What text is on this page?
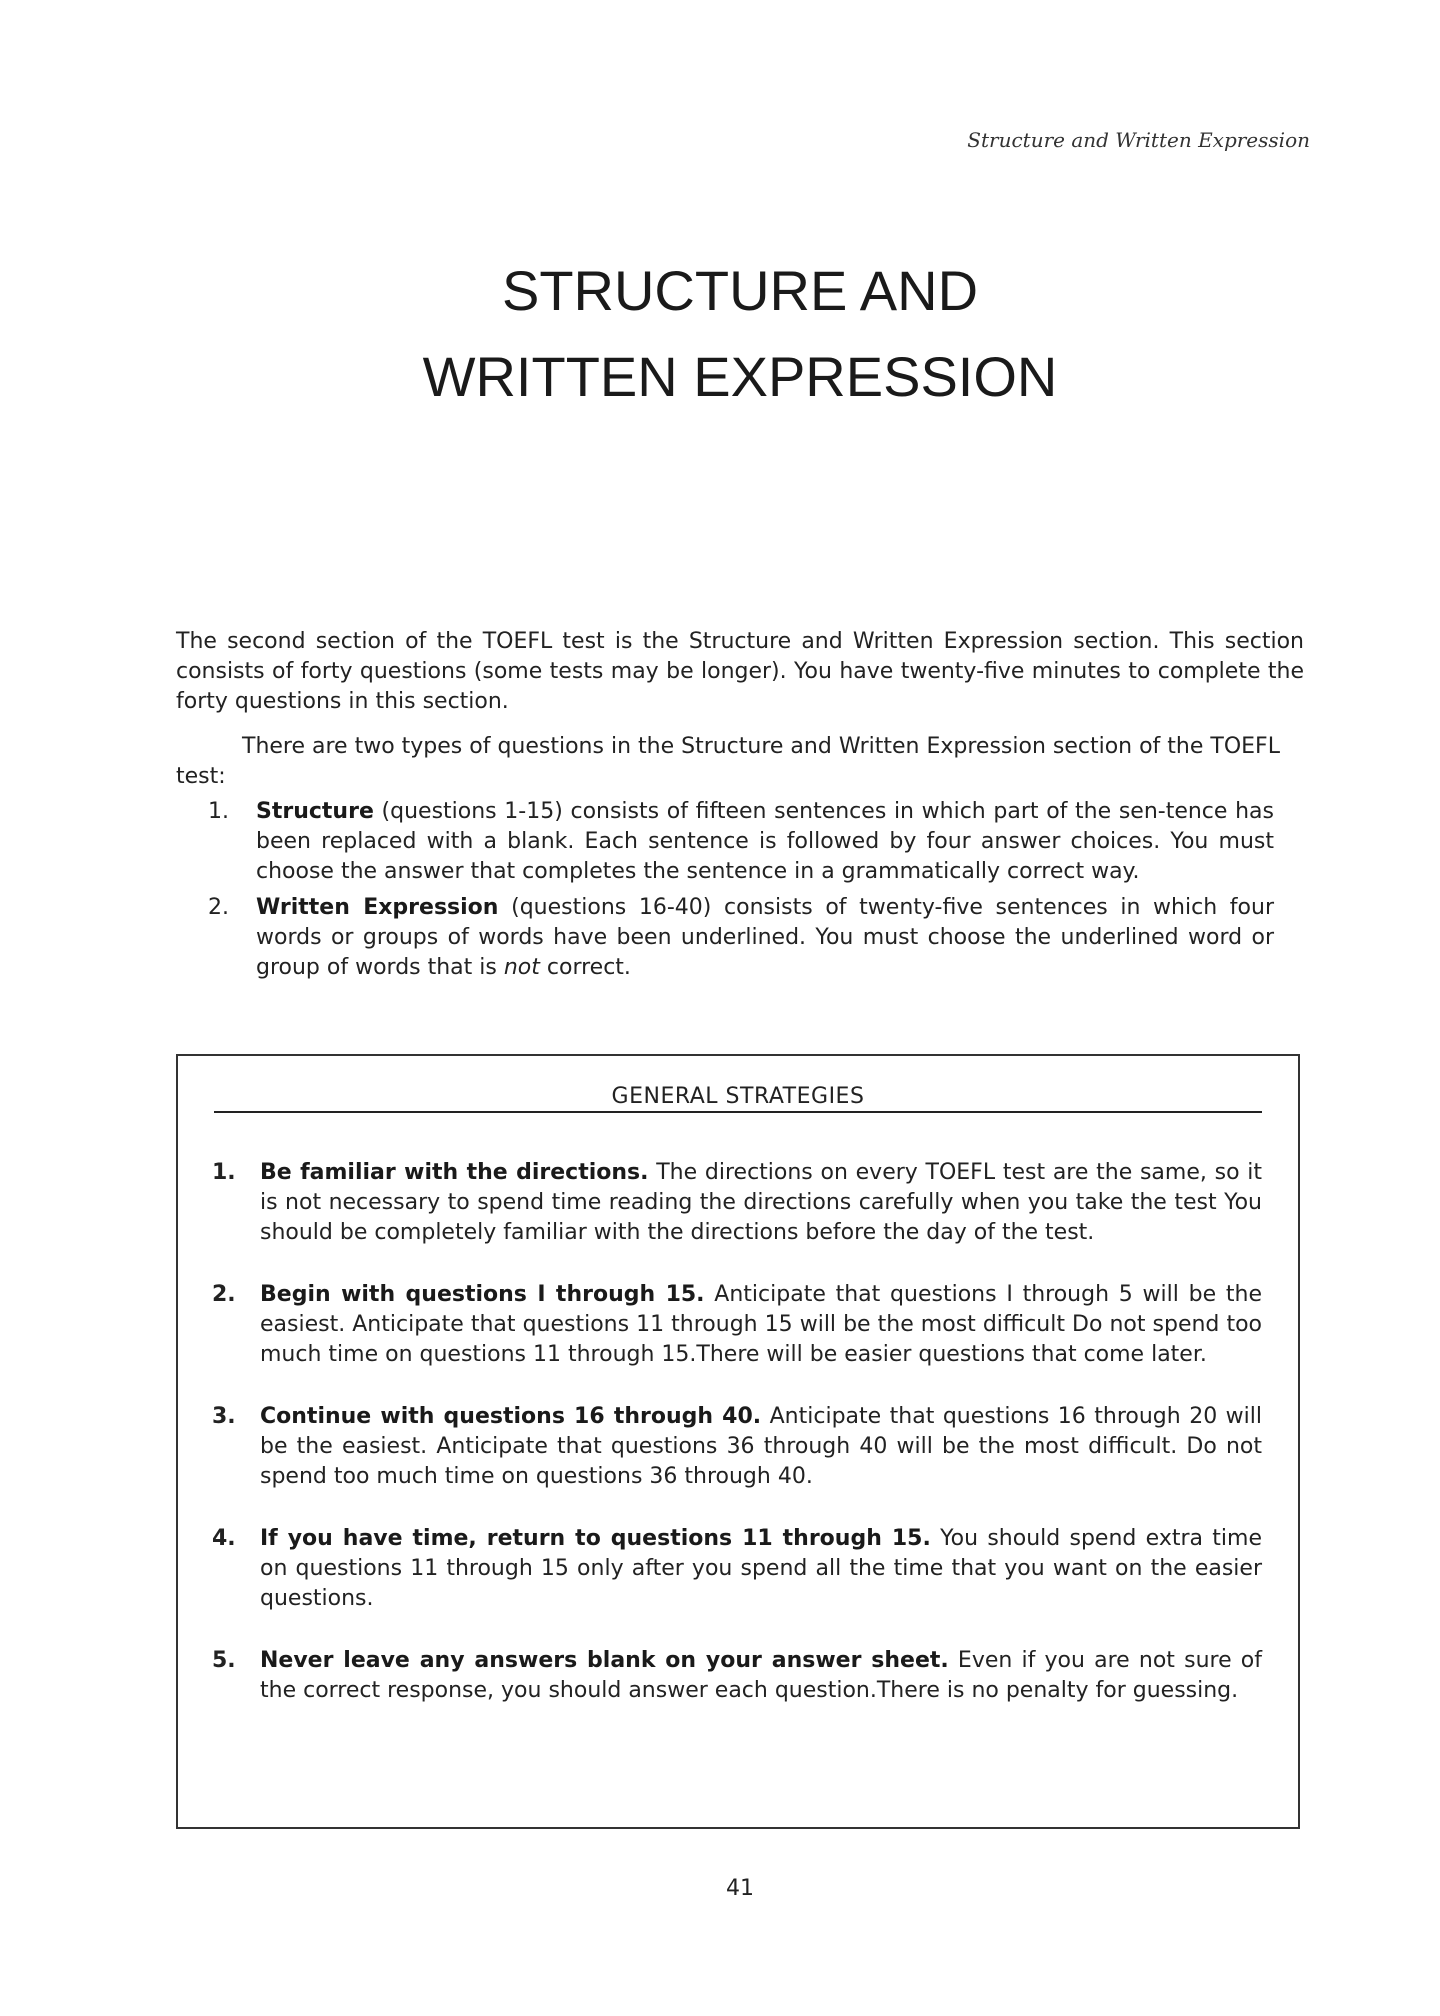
Structure and Written Expression
STRUCTURE AND
WRITTEN EXPRESSION

The second section of the TOEFL test is the Structure and Written Expression section. This section consists of forty questions (some tests may be longer). You have twenty-five minutes to complete the forty questions in this section.

There are two types of questions in the Structure and Written Expression section of the TOEFL test:

1. Structure (questions 1-15) consists of fifteen sentences in which part of the sen-tence has been replaced with a blank. Each sentence is followed by four answer choices. You must choose the answer that completes the sentence in a grammatically correct way.
2. Written Expression (questions 16-40) consists of twenty-five sentences in which four words or groups of words have been underlined. You must choose the underlined word or group of words that is not correct.
GENERAL STRATEGIES
1. Be familiar with the directions. The directions on every TOEFL test are the same, so it is not necessary to spend time reading the directions carefully when you take the test You should be completely familiar with the directions before the day of the test.
2. Begin with questions I through 15. Anticipate that questions I through 5 will be the easiest. Anticipate that questions 11 through 15 will be the most difficult Do not spend too much time on questions 11 through 15.There will be easier questions that come later.
3. Continue with questions 16 through 40. Anticipate that questions 16 through 20 will be the easiest. Anticipate that questions 36 through 40 will be the most difficult. Do not spend too much time on questions 36 through 40.
4. If you have time, return to questions 11 through 15. You should spend extra time on questions 11 through 15 only after you spend all the time that you want on the easier questions.
5. Never leave any answers blank on your answer sheet. Even if you are not sure of the correct response, you should answer each question.There is no penalty for guessing.
41
